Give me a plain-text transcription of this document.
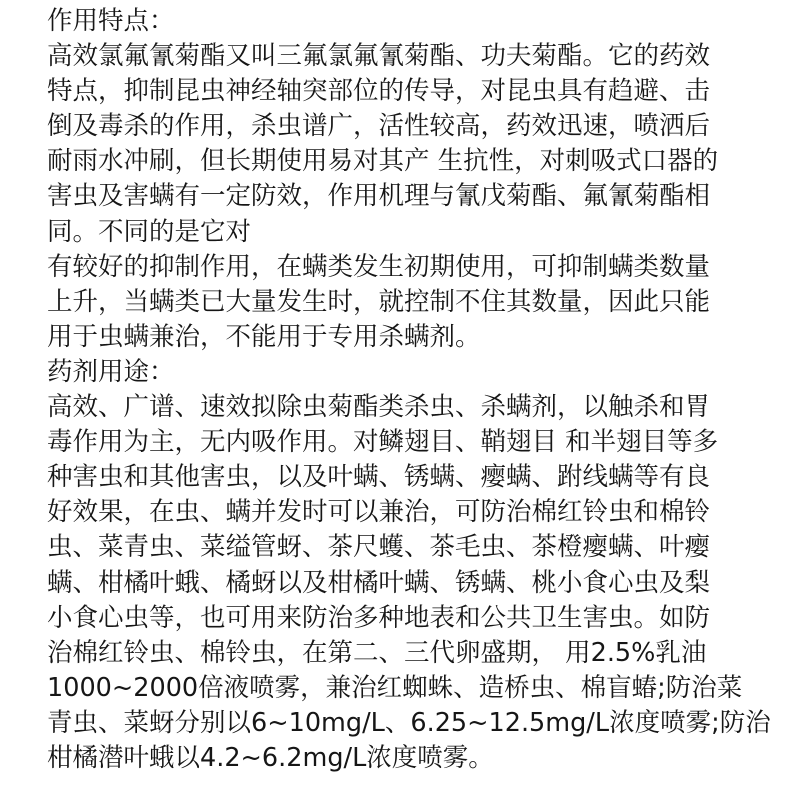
作用特点：
高效氯氟氰菊酯又叫三氟氯氟氰菊酯、功夫菊酯。它的药效
特点，抑制昆虫神经轴突部位的传导，对昆虫具有趋避、击
倒及毒杀的作用，杀虫谱广，活性较高，药效迅速，喷洒后
耐雨水冲刷，但长期使用易对其产 生抗性，对刺吸式口器的
害虫及害螨有一定防效，作用机理与氰戊菊酯、氟氰菊酯相
同。不同的是它对
有较好的抑制作用，在螨类发生初期使用，可抑制螨类数量
上升，当螨类已大量发生时，就控制不住其数量，因此只能
用于虫螨兼治，不能用于专用杀螨剂。
药剂用途：
高效、广谱、速效拟除虫菊酯类杀虫、杀螨剂，以触杀和胃
毒作用为主，无内吸作用。对鳞翅目、鞘翅目 和半翅目等多
种害虫和其他害虫，以及叶螨、锈螨、瘿螨、跗线螨等有良
好效果，在虫、螨并发时可以兼治，可防治棉红铃虫和棉铃
虫、菜青虫、菜缢管蚜、茶尺蠖、茶毛虫、茶橙瘿螨、叶瘿
螨、柑橘叶蛾、橘蚜以及柑橘叶螨、锈螨、桃小食心虫及梨
小食心虫等，也可用来防治多种地表和公共卫生害虫。如防
治棉红铃虫、棉铃虫，在第二、三代卵盛期， 用2.5%乳油
1000~2000倍液喷雾，兼治红蜘蛛、造桥虫、棉盲蝽;防治菜
青虫、菜蚜分别以6~10mg/L、6.25~12.5mg/L浓度喷雾;防治
柑橘潜叶蛾以4.2~6.2mg/L浓度喷雾。
